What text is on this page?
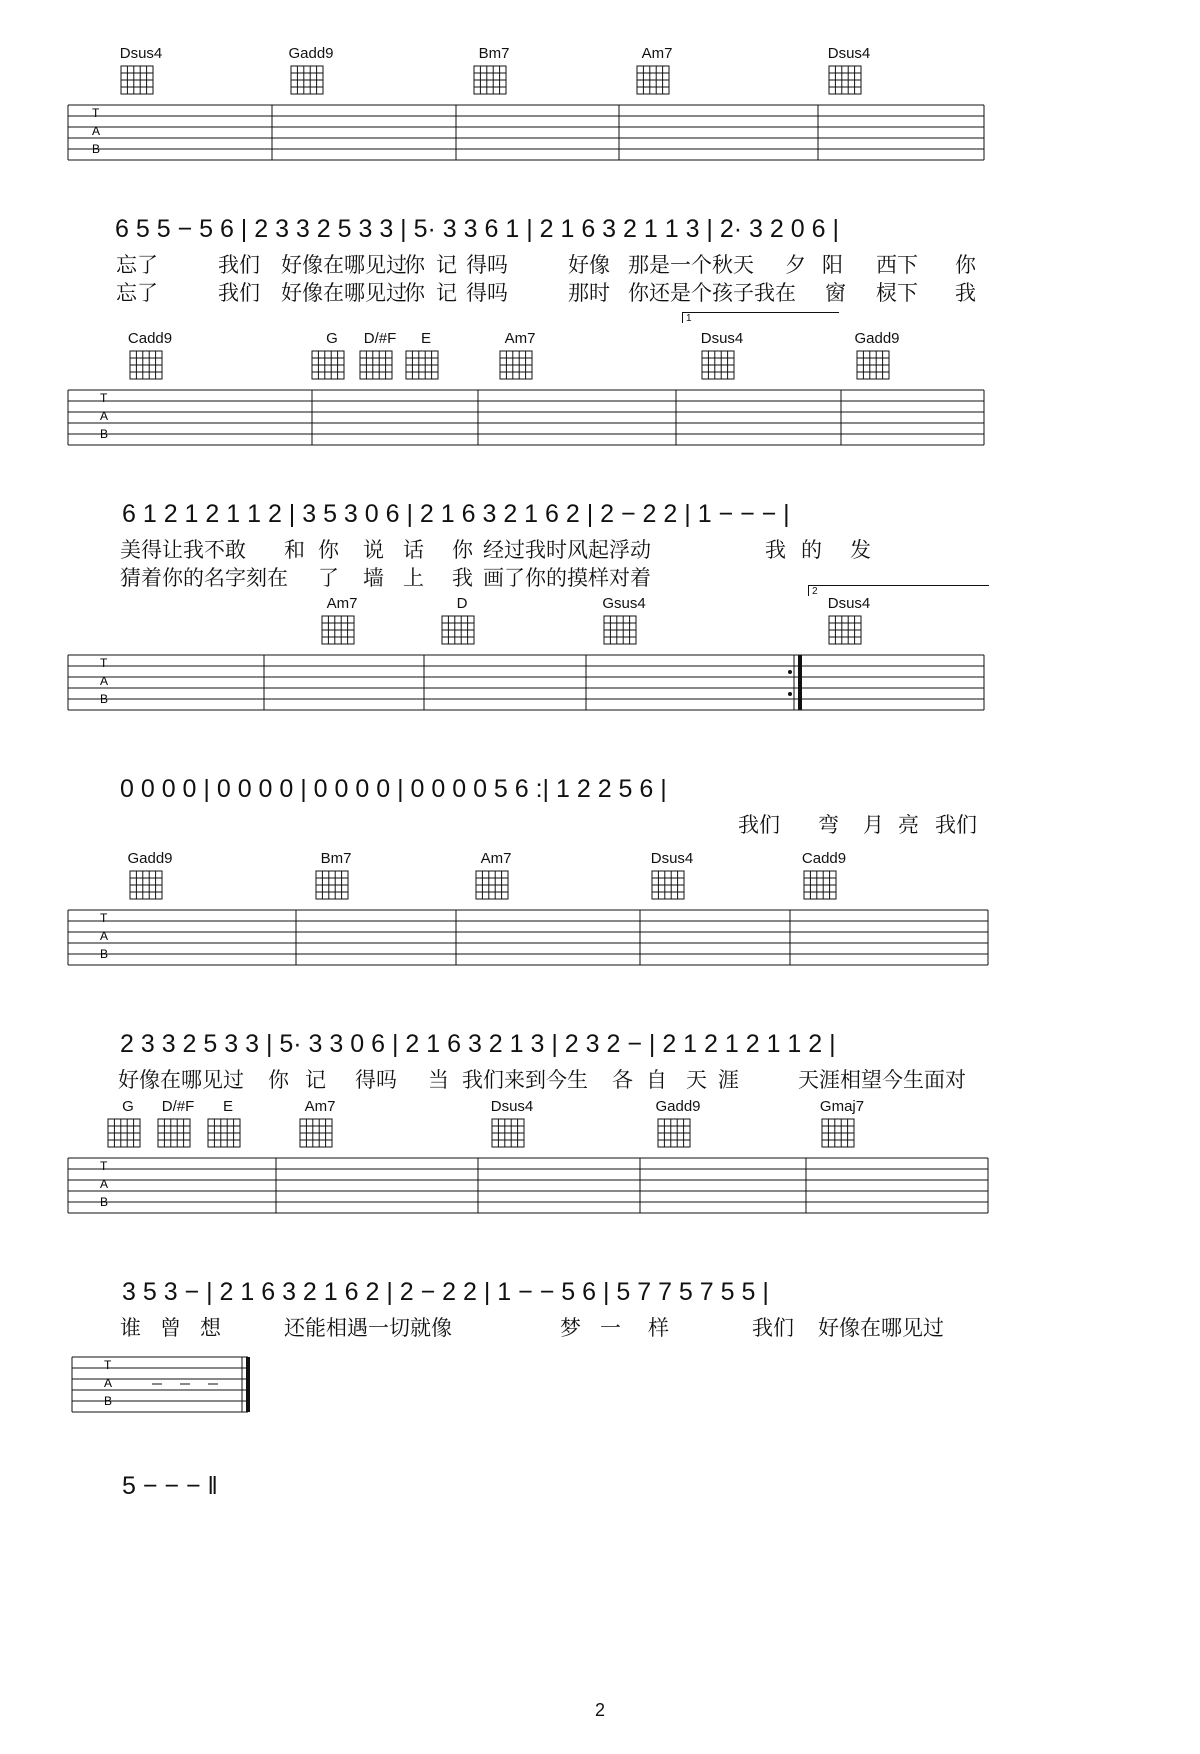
Dsus4	Gadd9	Bm7	Am7	Dsus4
T
A
B
6 5 5 − 5 6 | 2 3 3 2 5 3 3 | 5· 3 3 6 1 | 2 1 6 3 2 1 1 3 | 2· 3 2 0 6 |
忘了	我们 好像在哪见过
你 记 得吗	好像 那是一个秋天 夕 阳 西下 你
忘了	我们 好像在哪见过
你 记 得吗	那时 你还是个孩子我在 窗 棂下 我
Cadd9	G	D/#F	E	Am7	Dsus4	Gadd9
1
T
A
B
6 1 2 1 2 1 1 2 | 3 5 3 0 6 | 2 1 6 3 2 1 6 2 | 2 − 2 2 | 1 − − − |
美得让我不敢 和 你 说 话 你 经过我时风起浮动	我 的 发
猜着你的名字刻在 了 墙 上 我 画了你的摸样对着
Am7	D	Gsus4	Dsus4
2
T
A
B
0 0 0 0 | 0 0 0 0 | 0 0 0 0 | 0 0 0 0 5 6 :| 1 2 2 5 6 |
我们 弯 月 亮 我们
Gadd9	Bm7	Am7	Dsus4	Cadd9
T
A
B
2 3 3 2 5 3 3 | 5· 3 3 0 6 | 2 1 6 3 2 1 3 | 2 3 2 − | 2 1 2 1 2 1 1 2 |
好像在哪见过 你 记 得吗 当 我们来到今生 各 自 天 涯	天涯相望今生面对
G	D/#F	E	Am7	Dsus4	Gadd9	Gmaj7
T
A
B
3 5 3 − | 2 1 6 3 2 1 6 2 | 2 − 2 2 | 1 − − 5 6 | 5 7 7 5 7 5 5 |
谁 曾 想	还能相遇一切就像	梦 一 样	我们 好像在哪见过
T
A
B
5 − − − ‖
2
